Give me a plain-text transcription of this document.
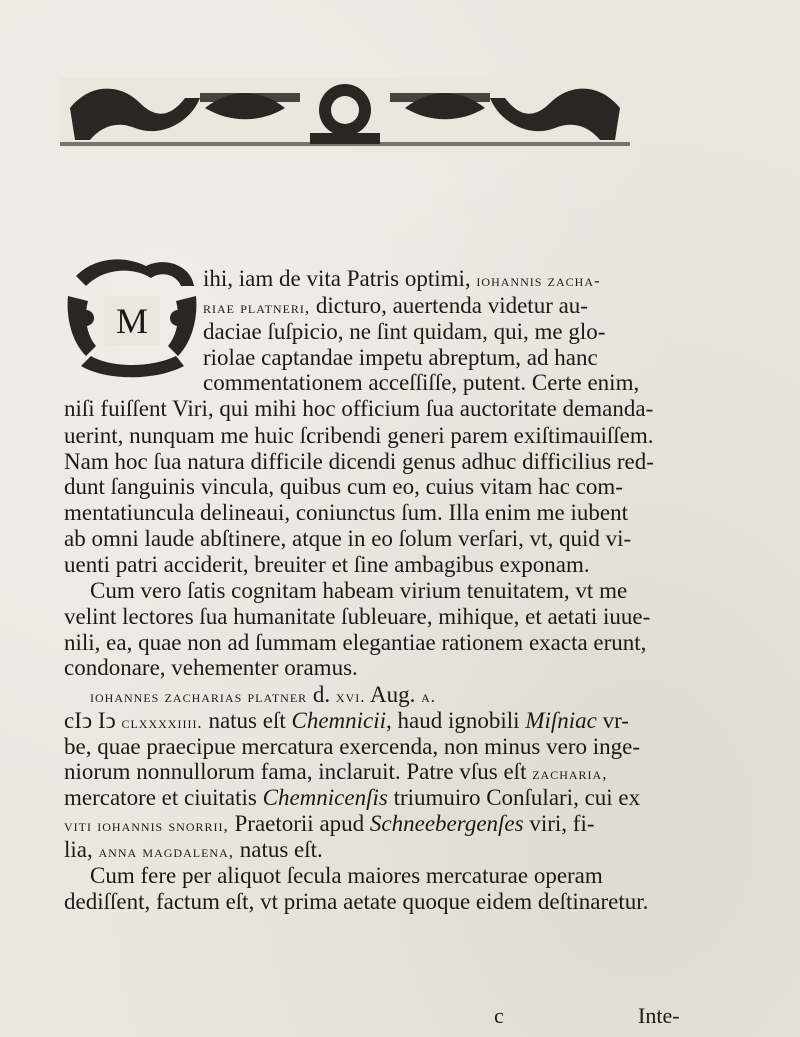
M
ihi, iam de vita Patris optimi, iohannis zacha-
riae platneri, dicturo, auertenda videtur au-
daciae ſuſpicio, ne ſint quidam, qui, me glo-
riolae captandae impetu abreptum, ad hanc
commentationem acceſſiſſe, putent. Certe enim,
niſi fuiſſent Viri, qui mihi hoc officium ſua auctoritate demanda-
uerint, nunquam me huic ſcribendi generi parem exiſtimauiſſem.
Nam hoc ſua natura difficile dicendi genus adhuc difficilius red-
dunt ſanguinis vincula, quibus cum eo, cuius vitam hac com-
mentatiuncula delineaui, coniunctus ſum. Illa enim me iubent
ab omni laude abſtinere, atque in eo ſolum verſari, vt, quid vi-
uenti patri acciderit, breuiter et ſine ambagibus exponam.
Cum vero ſatis cognitam habeam virium tenuitatem, vt me
velint lectores ſua humanitate ſubleuare, mihique, et aetati iuue-
nili, ea, quae non ad ſummam elegantiae rationem exacta erunt,
condonare, vehementer oramus.
iohannes zacharias platner d. xvi. Aug. a.
cIↄ Iↄ clxxxxiiii. natus eſt Chemnicii, haud ignobili Miſniac vr-
be, quae praecipue mercatura exercenda, non minus vero inge-
niorum nonnullorum fama, inclaruit. Patre vſus eſt zacharia,
mercatore et ciuitatis Chemnicenſis triumuiro Conſulari, cui ex
viti iohannis snorrii, Praetorii apud Schneebergenſes viri, fi-
lia, anna magdalena, natus eſt.
Cum fere per aliquot ſecula maiores mercaturae operam
dediſſent, factum eſt, vt prima aetate quoque eidem deſtinaretur.
c	Inte-
